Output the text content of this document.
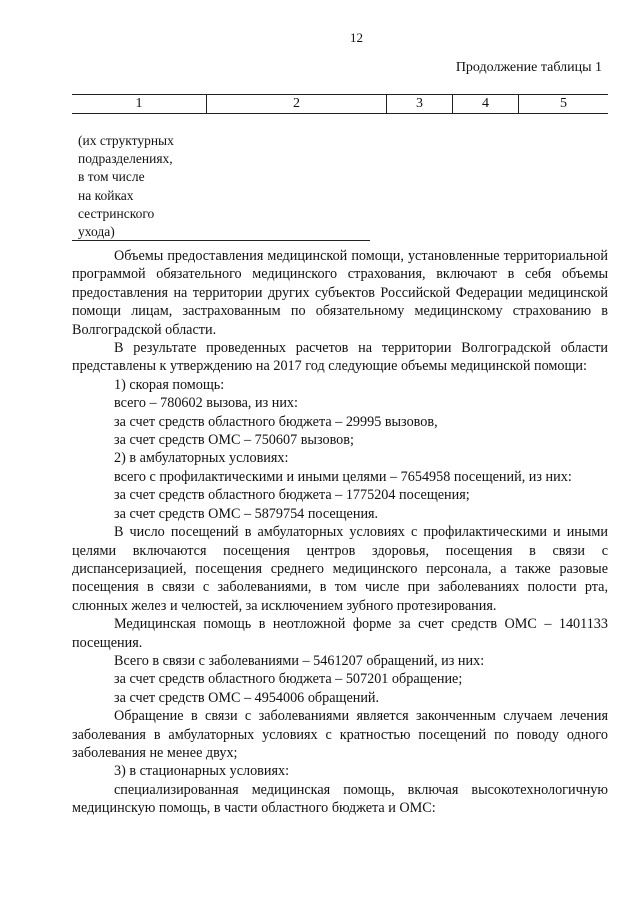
12
Продолжение таблицы 1
1	2	3	4	5
(их структурных
подразделениях,
в том числе
на койках
сестринского
ухода)

Объемы предоставления медицинской помощи, установленные территориальной программой обязательного медицинского страхования, включают в себя объемы предоставления на территории других субъектов Российской Федерации медицинской помощи лицам, застрахованным по обязательному медицинскому страхованию в Волгоградской области.

В результате проведенных расчетов на территории Волгоградской области представлены к утверждению на 2017 год следующие объемы медицинской помощи:

1) скорая помощь:

всего – 780602 вызова, из них:

за счет средств областного бюджета – 29995 вызовов,

за счет средств ОМС – 750607 вызовов;

2) в амбулаторных условиях:

всего с профилактическими и иными целями – 7654958 посещений, из них:

за счет средств областного бюджета – 1775204 посещения;

за счет средств ОМС – 5879754 посещения.

В число посещений в амбулаторных условиях с профилактическими и иными целями включаются посещения центров здоровья, посещения в связи с диспансеризацией, посещения среднего медицинского персонала, а также разовые посещения в связи с заболеваниями, в том числе при заболеваниях полости рта, слюнных желез и челюстей, за исключением зубного протезирования.

Медицинская помощь в неотложной форме за счет средств ОМС – 1401133 посещения.

Всего в связи с заболеваниями – 5461207 обращений, из них:

за счет средств областного бюджета – 507201 обращение;

за счет средств ОМС – 4954006 обращений.

Обращение в связи с заболеваниями является законченным случаем лечения заболевания в амбулаторных условиях с кратностью посещений по поводу одного заболевания не менее двух;

3) в стационарных условиях:

специализированная медицинская помощь, включая высокотехнологичную медицинскую помощь, в части областного бюджета и ОМС:
